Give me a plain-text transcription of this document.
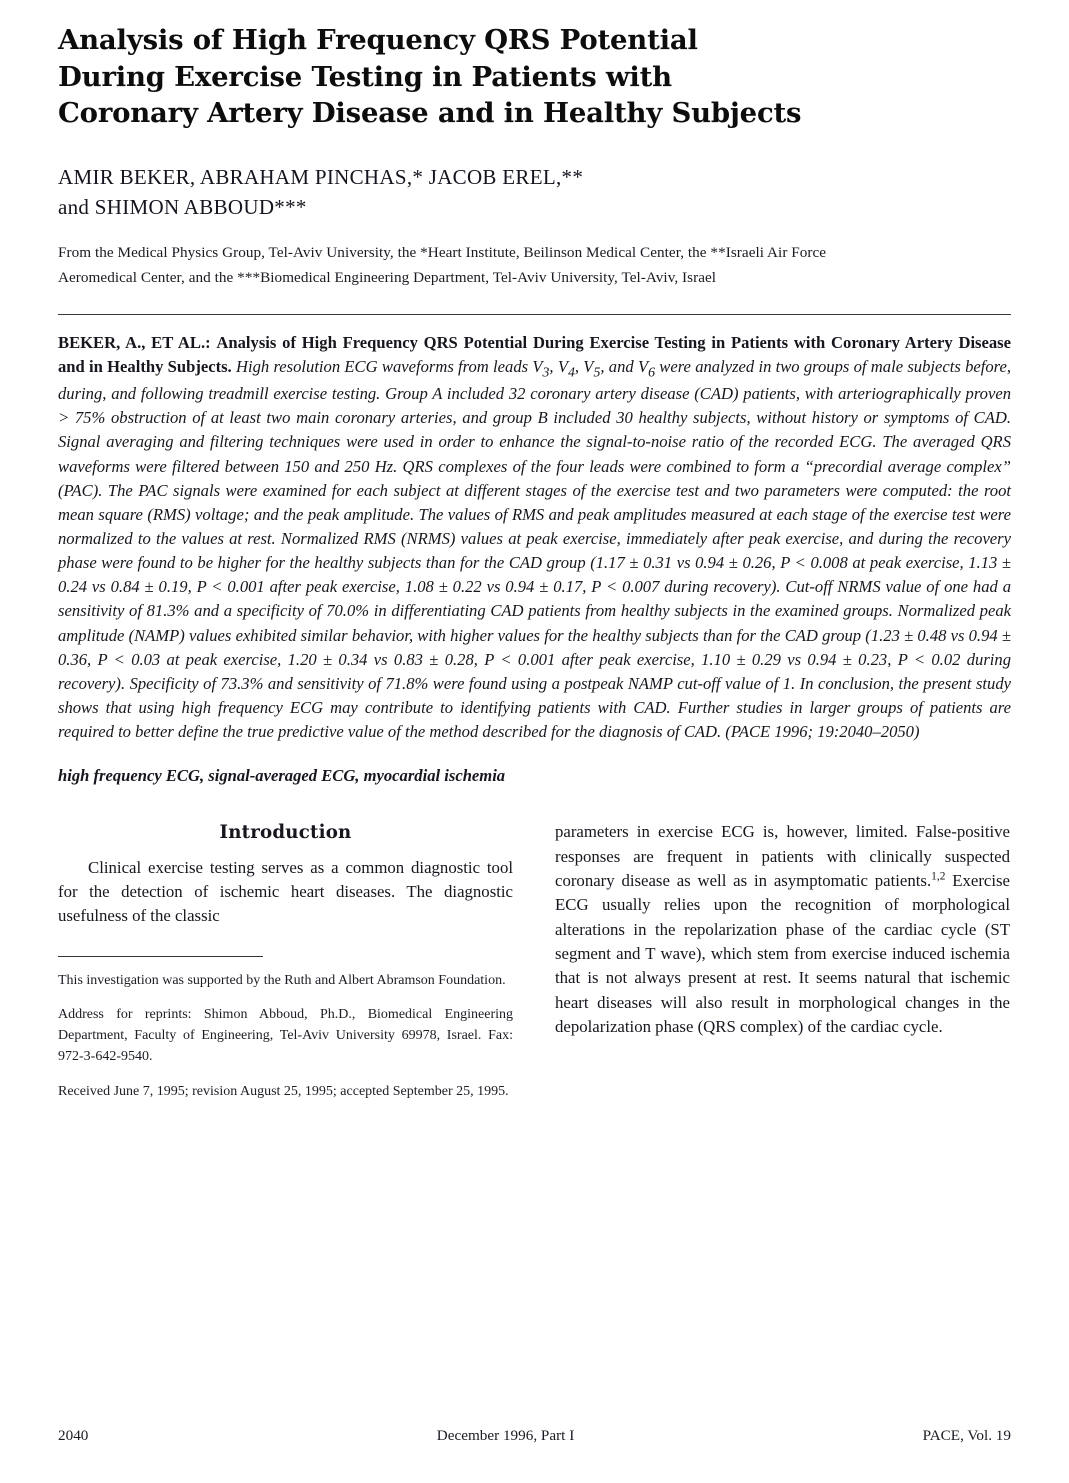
Analysis of High Frequency QRS Potential
During Exercise Testing in Patients with
Coronary Artery Disease and in Healthy Subjects
AMIR BEKER, ABRAHAM PINCHAS,* JACOB EREL,**
and SHIMON ABBOUD***
From the Medical Physics Group, Tel-Aviv University, the *Heart Institute, Beilinson Medical Center, the **Israeli Air Force Aeromedical Center, and the ***Biomedical Engineering Department, Tel-Aviv University, Tel-Aviv, Israel
BEKER, A., ET AL.: Analysis of High Frequency QRS Potential During Exercise Testing in Patients with Coronary Artery Disease and in Healthy Subjects. High resolution ECG waveforms from leads $V_3$, $V_4$, $V_5$, and $V_6$ were analyzed in two groups of male subjects before, during, and following treadmill exercise testing. Group A included 32 coronary artery disease (CAD) patients, with arteriographically proven > 75% obstruction of at least two main coronary arteries, and group B included 30 healthy subjects, without history or symptoms of CAD. Signal averaging and filtering techniques were used in order to enhance the signal-to-noise ratio of the recorded ECG. The averaged QRS waveforms were filtered between 150 and 250 Hz. QRS complexes of the four leads were combined to form a “precordial average complex” (PAC). The PAC signals were examined for each subject at different stages of the exercise test and two parameters were computed: the root mean square (RMS) voltage; and the peak amplitude. The values of RMS and peak amplitudes measured at each stage of the exercise test were normalized to the values at rest. Normalized RMS (NRMS) values at peak exercise, immediately after peak exercise, and during the recovery phase were found to be higher for the healthy subjects than for the CAD group (1.17 ± 0.31 vs 0.94 ± 0.26, P < 0.008 at peak exercise, 1.13 ± 0.24 vs 0.84 ± 0.19, P < 0.001 after peak exercise, 1.08 ± 0.22 vs 0.94 ± 0.17, P < 0.007 during recovery). Cut-off NRMS value of one had a sensitivity of 81.3% and a specificity of 70.0% in differentiating CAD patients from healthy subjects in the examined groups. Normalized peak amplitude (NAMP) values exhibited similar behavior, with higher values for the healthy subjects than for the CAD group (1.23 ± 0.48 vs 0.94 ± 0.36, P < 0.03 at peak exercise, 1.20 ± 0.34 vs 0.83 ± 0.28, P < 0.001 after peak exercise, 1.10 ± 0.29 vs 0.94 ± 0.23, P < 0.02 during recovery). Specificity of 73.3% and sensitivity of 71.8% were found using a postpeak NAMP cut-off value of 1. In conclusion, the present study shows that using high frequency ECG may contribute to identifying patients with CAD. Further studies in larger groups of patients are required to better define the true predictive value of the method described for the diagnosis of CAD. (PACE 1996; 19:2040–2050)
high frequency ECG, signal-averaged ECG, myocardial ischemia
Introduction

Clinical exercise testing serves as a common diagnostic tool for the detection of ischemic heart diseases. The diagnostic usefulness of the classic

This investigation was supported by the Ruth and Albert Abramson Foundation.

Address for reprints: Shimon Abboud, Ph.D., Biomedical Engineering Department, Faculty of Engineering, Tel-Aviv University 69978, Israel. Fax: 972-3-642-9540.

Received June 7, 1995; revision August 25, 1995; accepted September 25, 1995.

parameters in exercise ECG is, however, limited. False-positive responses are frequent in patients with clinically suspected coronary disease as well as in asymptomatic patients.$^{1,2}$ Exercise ECG usually relies upon the recognition of morphological alterations in the repolarization phase of the cardiac cycle (ST segment and T wave), which stem from exercise induced ischemia that is not always present at rest. It seems natural that ischemic heart diseases will also result in morphological changes in the depolarization phase (QRS complex) of the cardiac cycle.

2040	December 1996, Part I	PACE, Vol. 19
